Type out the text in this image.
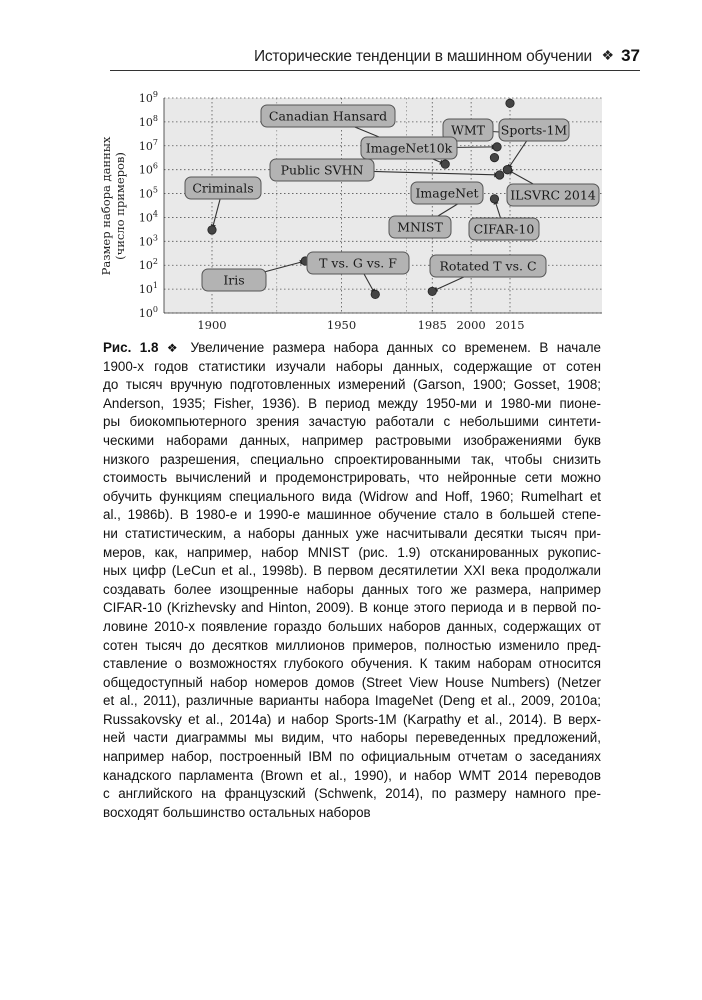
Исторические тенденции в машинном обучении ❖ 37
$10^0$
$10^1$
$10^2$
$10^3$
$10^4$
$10^5$
$10^6$
$10^7$
$10^8$
$10^9$
1900	1950	1985 2000 2015
Canadian Hansard
WMT Sports-1M
ImageNet10k
Public SVHN
Criminals	ImageNet	ILSVRC 2014
MNIST CIFAR-10
T vs. G vs. F	Rotated T vs. C
Iris
Размер набора данных (число примеров)
Рис. 1.8 ❖ Увеличение размера набора данных со временем. В начале
1900-х годов статистики изучали наборы данных, содержащие от сотен
до тысяч вручную подготовленных измерений (Garson, 1900; Gosset, 1908;
Anderson, 1935; Fisher, 1936). В период между 1950-ми и 1980-ми пионе-
ры биокомпьютерного зрения зачастую работали с небольшими синтети-
ческими наборами данных, например растровыми изображениями букв
низкого разрешения, специально спроектированными так, чтобы снизить
стоимость вычислений и продемонстрировать, что нейронные сети можно
обучить функциям специального вида (Widrow and Hoff, 1960; Rumelhart et
al., 1986b). В 1980-е и 1990-е машинное обучение стало в большей степе-
ни статистическим, а наборы данных уже насчитывали десятки тысяч при-
меров, как, например, набор MNIST (рис. 1.9) отсканированных рукопис-
ных цифр (LeCun et al., 1998b). В первом десятилетии XXI века продолжали
создавать более изощренные наборы данных того же размера, например
CIFAR-10 (Krizhevsky and Hinton, 2009). В конце этого периода и в первой по-
ловине 2010-х появление гораздо больших наборов данных, содержащих от
сотен тысяч до десятков миллионов примеров, полностью изменило пред-
ставление о возможностях глубокого обучения. К таким наборам относится
общедоступный набор номеров домов (Street View House Numbers) (Netzer
et al., 2011), различные варианты набора ImageNet (Deng et al., 2009, 2010a;
Russakovsky et al., 2014a) и набор Sports-1M (Karpathy et al., 2014). В верх-
ней части диаграммы мы видим, что наборы переведенных предложений,
например набор, построенный IBM по официальным отчетам о заседаниях
канадского парламента (Brown et al., 1990), и набор WMT 2014 переводов
с английского на французский (Schwenk, 2014), по размеру намного пре-
восходят большинство остальных наборов
